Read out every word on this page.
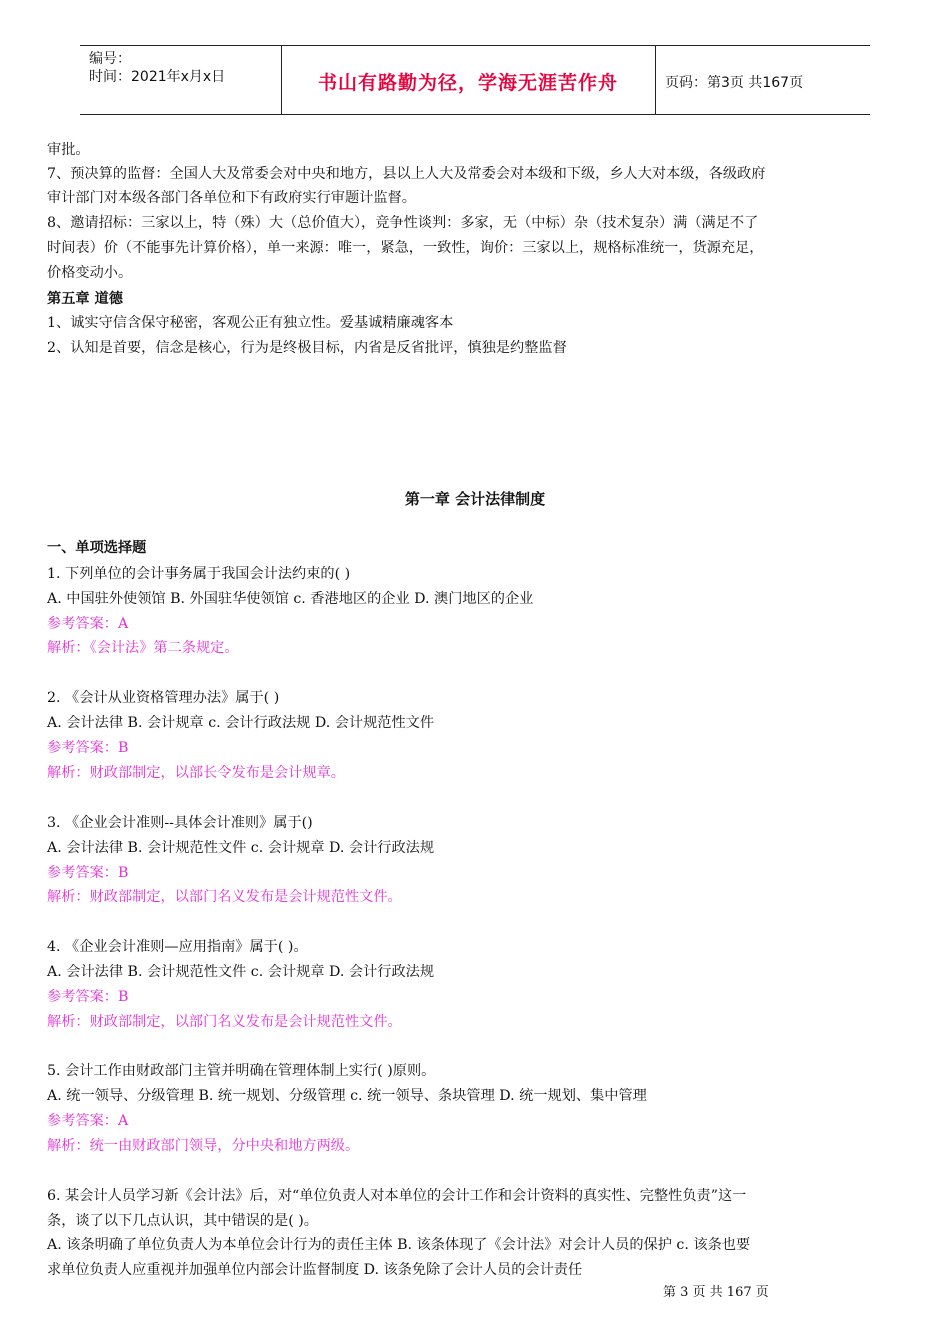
编号：
时间：2021年x月x日	书山有路勤为径，学海无涯苦作舟	页码：第3页 共167页
审批。
7、预决算的监督：全国人大及常委会对中央和地方，县以上人大及常委会对本级和下级，乡人大对本级，各级政府
审计部门对本级各部门各单位和下有政府实行审题计监督。
8、邀请招标：三家以上，特（殊）大（总价值大），竞争性谈判：多家，无（中标）杂（技术复杂）满（满足不了
时间表）价（不能事先计算价格），单一来源：唯一，紧急，一致性，询价：三家以上，规格标准统一，货源充足，
价格变动小。
第五章 道德
1、诚实守信含保守秘密，客观公正有独立性。爱基诚精廉魂客本
2、认知是首要，信念是核心，行为是终极目标，内省是反省批评，慎独是约整监督
第一章 会计法律制度
一、单项选择题
1. 下列单位的会计事务属于我国会计法约束的( )
A. 中国驻外使领馆 B. 外国驻华使领馆 c. 香港地区的企业 D. 澳门地区的企业
参考答案：A
解析：《会计法》第二条规定。
2. 《会计从业资格管理办法》属于( )
A. 会计法律 B. 会计规章 c. 会计行政法规 D. 会计规范性文件
参考答案：B
解析：财政部制定，以部长令发布是会计规章。
3. 《企业会计准则--具体会计准则》属于()
A. 会计法律 B. 会计规范性文件 c. 会计规章 D. 会计行政法规
参考答案：B
解析：财政部制定，以部门名义发布是会计规范性文件。
4. 《企业会计准则—应用指南》属于( )。
A. 会计法律 B. 会计规范性文件 c. 会计规章 D. 会计行政法规
参考答案：B
解析：财政部制定，以部门名义发布是会计规范性文件。
5. 会计工作由财政部门主管并明确在管理体制上实行( )原则。
A. 统一领导、分级管理 B. 统一规划、分级管理 c. 统一领导、条块管理 D. 统一规划、集中管理
参考答案：A
解析：统一由财政部门领导，分中央和地方两级。
6. 某会计人员学习新《会计法》后，对“单位负责人对本单位的会计工作和会计资料的真实性、完整性负责”这一
条，谈了以下几点认识，其中错误的是( )。
A. 该条明确了单位负责人为本单位会计行为的责任主体 B. 该条体现了《会计法》对会计人员的保护 c. 该条也要
求单位负责人应重视并加强单位内部会计监督制度 D. 该条免除了会计人员的会计责任
第 3 页 共 167 页
